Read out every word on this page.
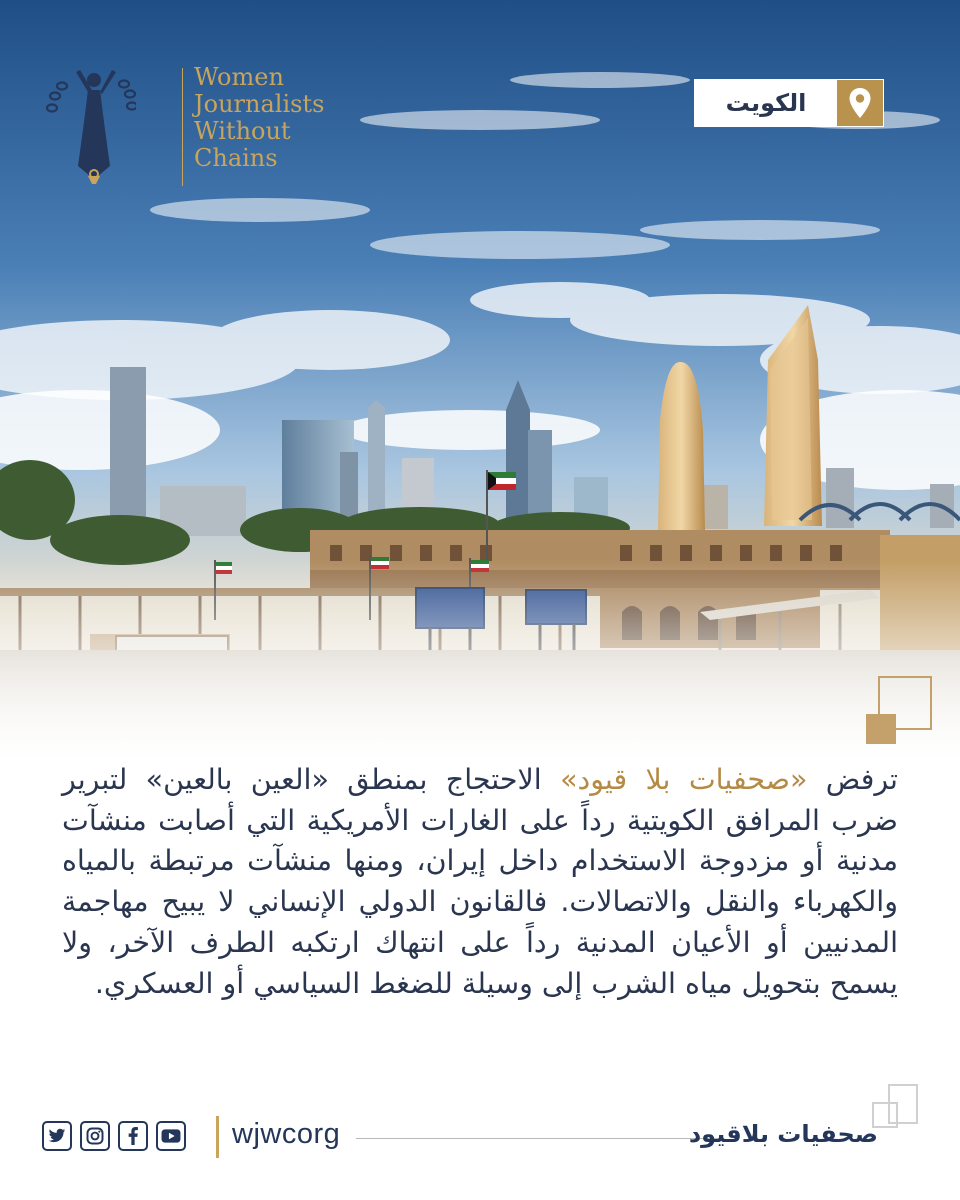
Women
Journalists
Without
Chains
الكويت
ترفض «صحفيات بلا قيود» الاحتجاج بمنطق «العين بالعين» لتبرير ضرب المرافق الكويتية رداً على الغارات الأمريكية التي أصابت منشآت مدنية أو مزدوجة الاستخدام داخل إيران، ومنها منشآت مرتبطة بالمياه والكهرباء والنقل والاتصالات. فالقانون الدولي الإنساني لا يبيح مهاجمة المدنيين أو الأعيان المدنية رداً على انتهاك ارتكبه الطرف الآخر، ولا يسمح بتحويل مياه الشرب إلى وسيلة للضغط السياسي أو العسكري.
wjwcorg	صحفيات بلاقيود
